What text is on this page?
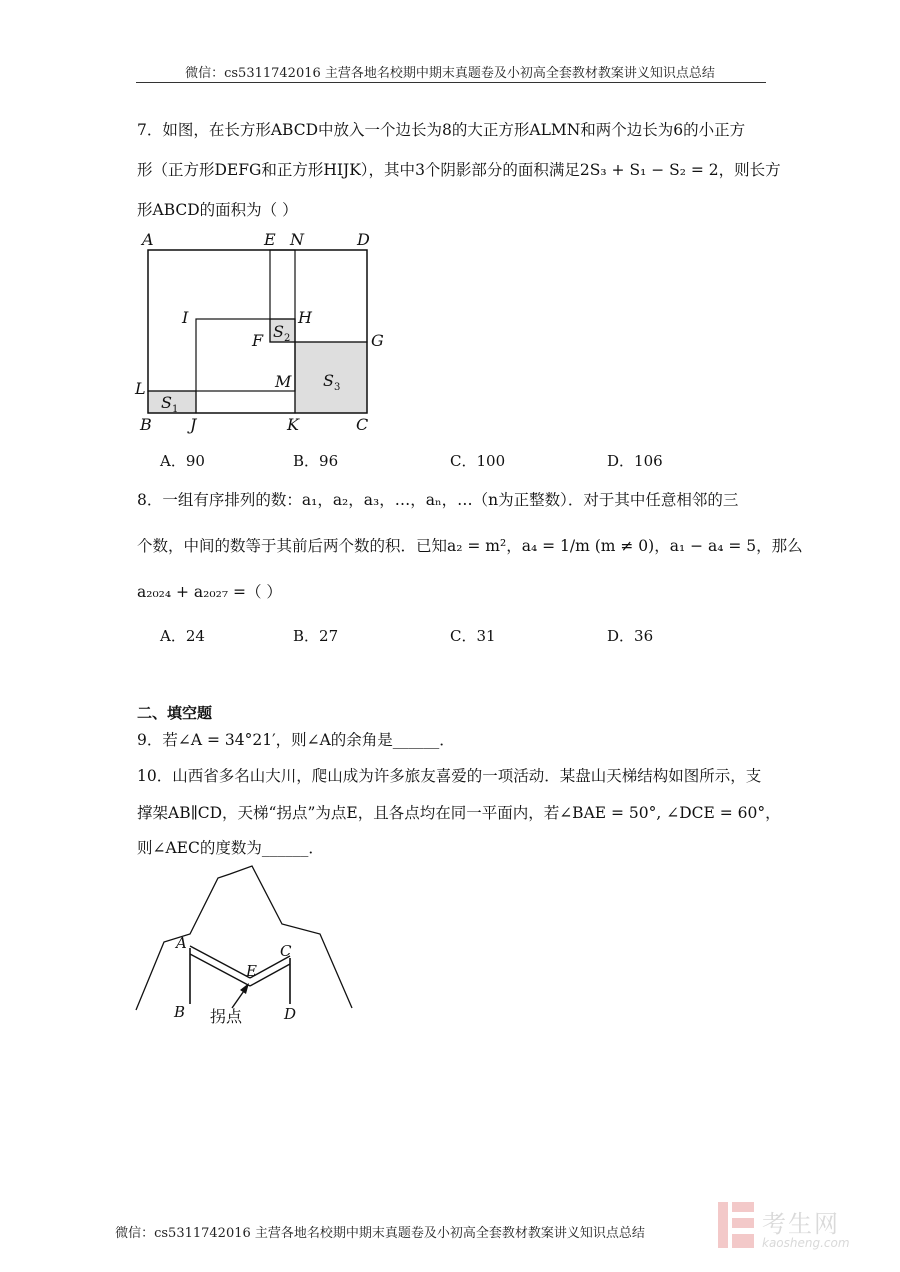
微信：cs5311742016 主营各地名校期中期末真题卷及小初高全套教材教案讲义知识点总结
7．如图，在长方形ABCD中放入一个边长为8的大正方形ALMN和两个边长为6的小正方
形（正方形DEFG和正方形HIJK），其中3个阴影部分的面积满足2S₃ + S₁ − S₂ = 2，则长方
形ABCD的面积为（ ）
A	E N	D
I	H
F	G
L	M
B J	K	C
S
S
S
1
2
3
A．90	B．96	C．100	D．106
8．一组有序排列的数：a₁，a₂，a₃，…，aₙ，…（n为正整数）．对于其中任意相邻的三
个数，中间的数等于其前后两个数的积．已知a₂ = m²，a₄ = 1/m (m ≠ 0)，a₁ − a₄ = 5，那么
a₂₀₂₄ + a₂₀₂₇ =（ ）
A．24	B．27	C．31	D．36
二、填空题
9．若∠A = 34°21′，则∠A的余角是______．
10．山西省多名山大川，爬山成为许多旅友喜爱的一项活动．某盘山天梯结构如图所示，支
撑架AB∥CD，天梯“拐点”为点E，且各点均在同一平面内，若∠BAE = 50°, ∠DCE = 60°，
则∠AEC的度数为______．
A
B
C
D
E
拐点
微信：cs5311742016 主营各地名校期中期末真题卷及小初高全套教材教案讲义知识点总结	考生网
kaosheng.com
